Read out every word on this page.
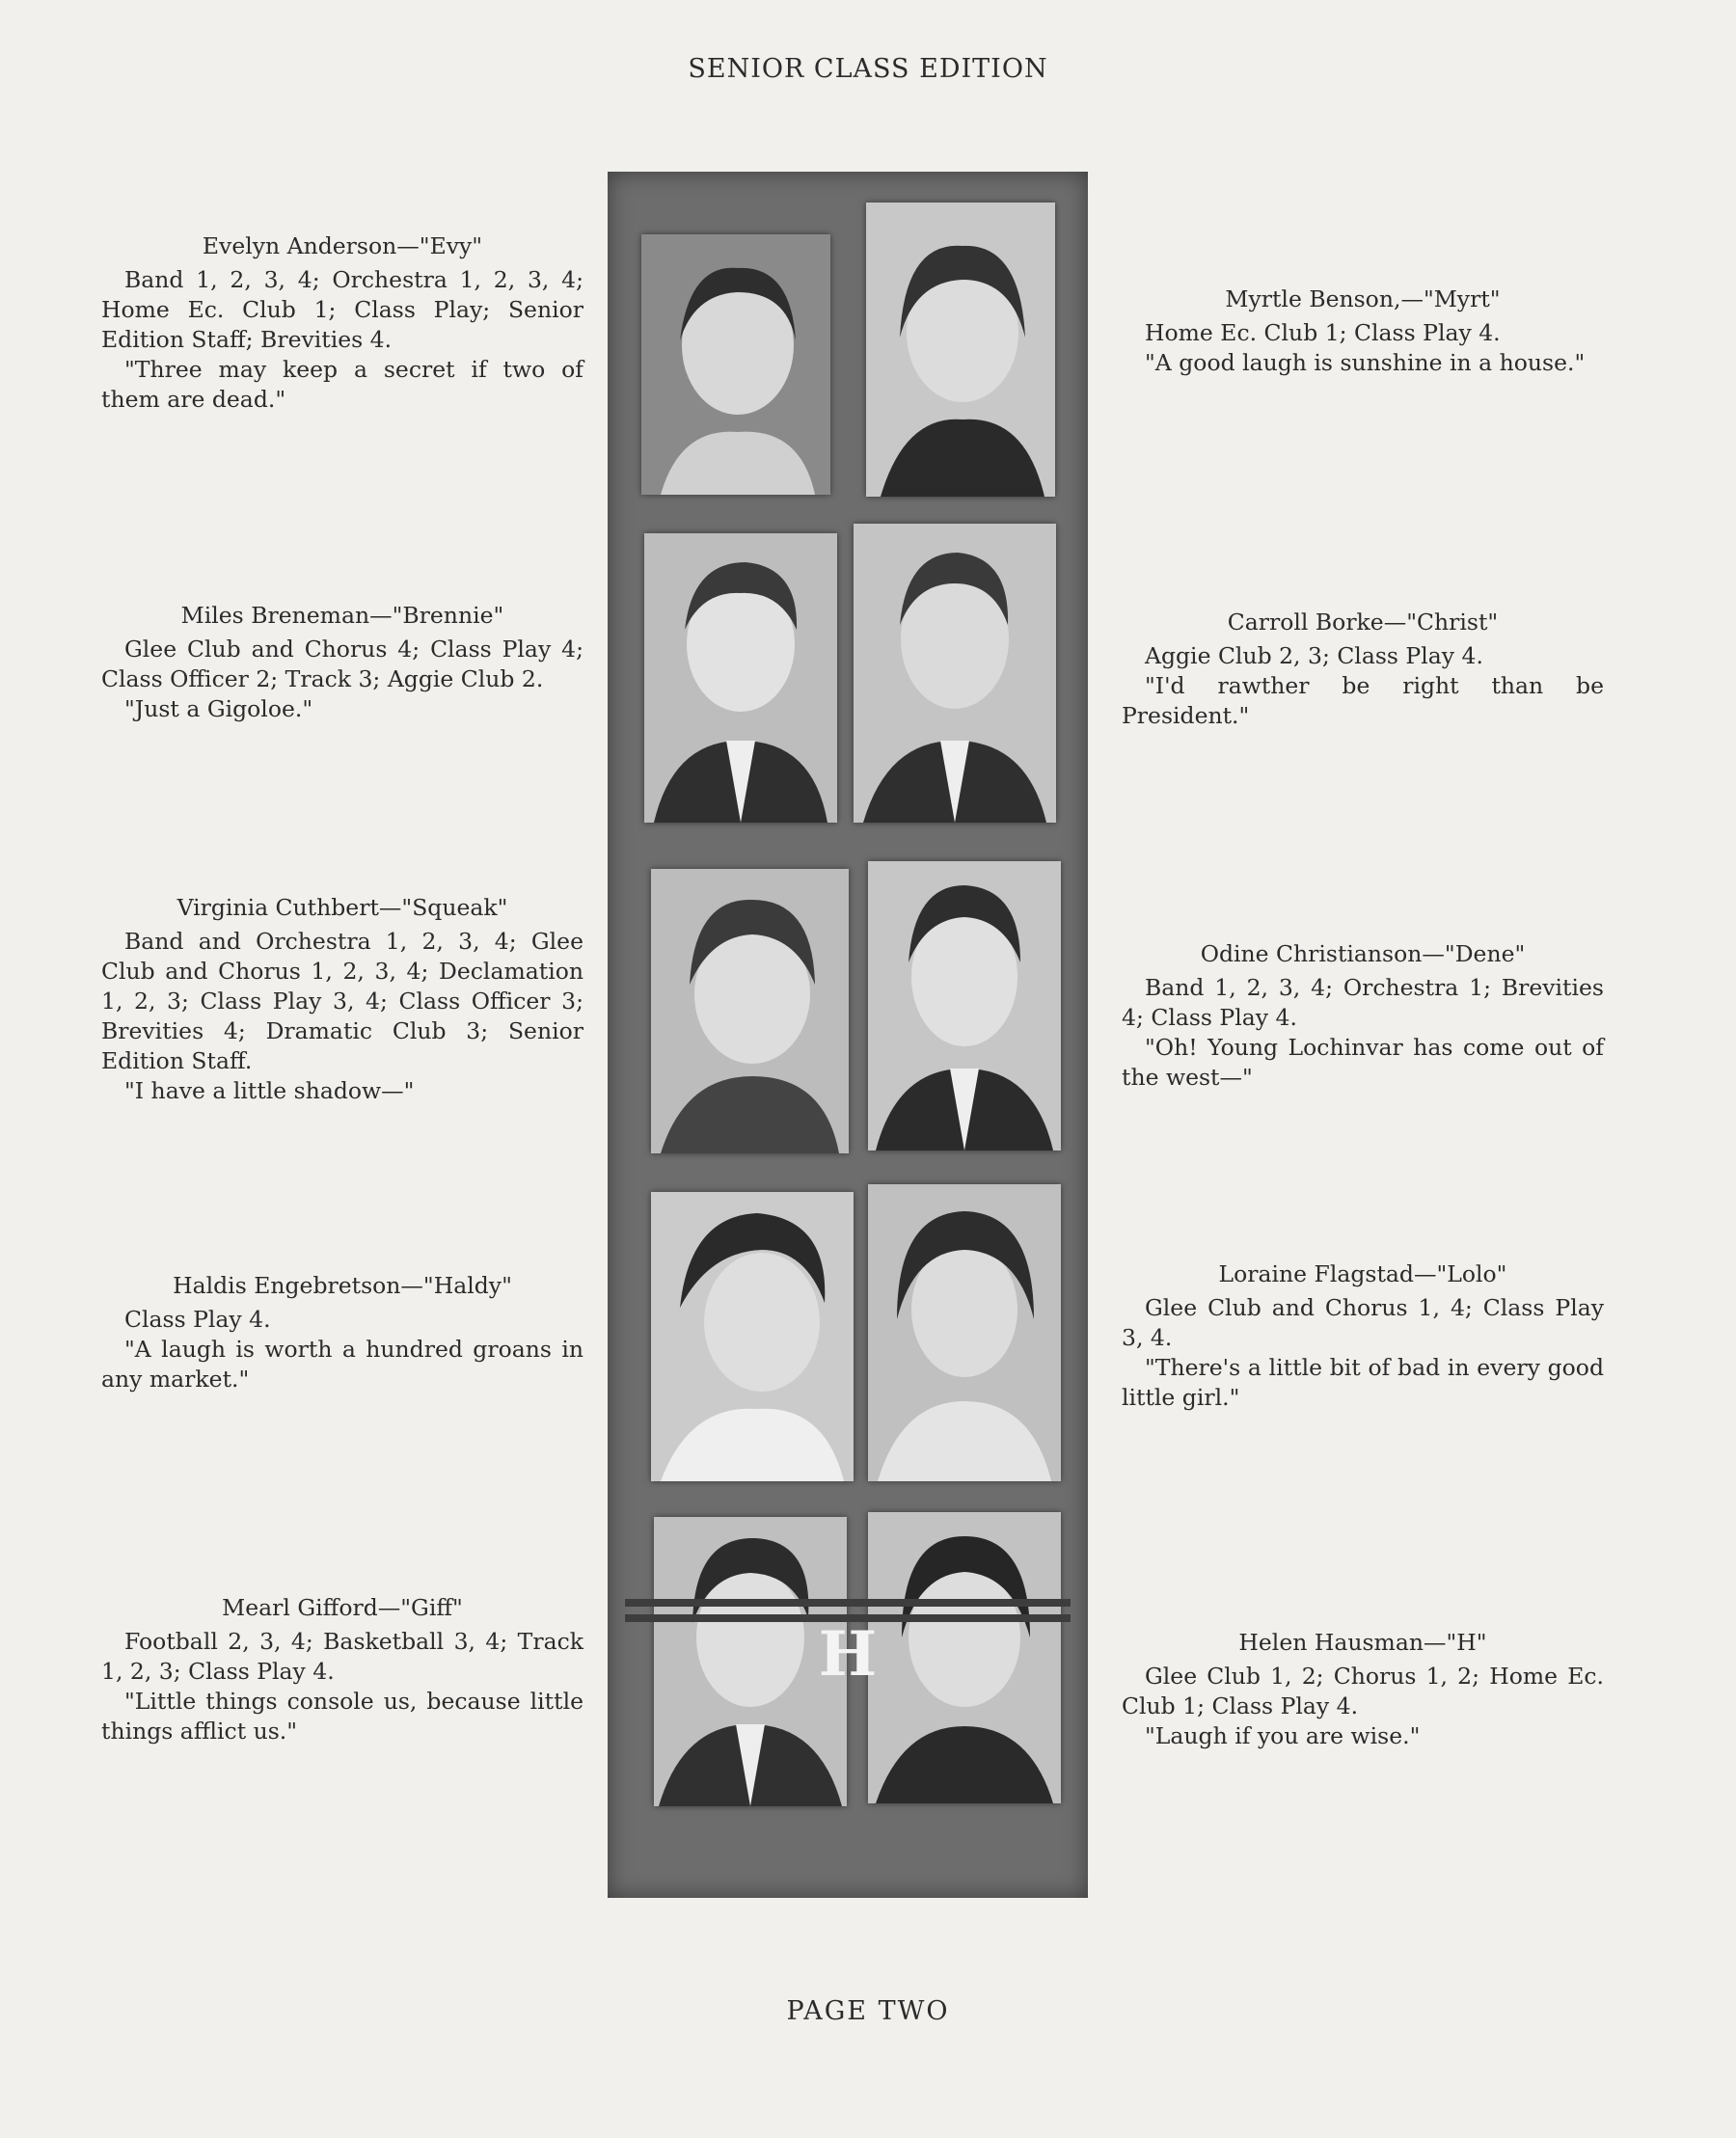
SENIOR CLASS EDITION
Evelyn Anderson—"Evy"
Band 1, 2, 3, 4; Orchestra 1, 2, 3, 4; Home Ec. Club 1; Class Play; Senior Edition Staff; Brevities 4.
"Three may keep a secret if two of them are dead."
Miles Breneman—"Brennie"
Glee Club and Chorus 4; Class Play 4; Class Officer 2; Track 3; Aggie Club 2.
"Just a Gigoloe."
Virginia Cuthbert—"Squeak"
Band and Orchestra 1, 2, 3, 4; Glee Club and Chorus 1, 2, 3, 4; Declamation 1, 2, 3; Class Play 3, 4; Class Officer 3; Brevities 4; Dramatic Club 3; Senior Edition Staff.
"I have a little shadow—"
Haldis Engebretson—"Haldy"
Class Play 4.
"A laugh is worth a hundred groans in any market."
Mearl Gifford—"Giff"
Football 2, 3, 4; Basketball 3, 4; Track 1, 2, 3; Class Play 4.
"Little things console us, because little things afflict us."
Myrtle Benson,—"Myrt"
Home Ec. Club 1; Class Play 4.
"A good laugh is sunshine in a house."
Carroll Borke—"Christ"
Aggie Club 2, 3; Class Play 4.
"I'd rawther be right than be President."
Odine Christianson—"Dene"
Band 1, 2, 3, 4; Orchestra 1; Brevities 4; Class Play 4.
"Oh! Young Lochinvar has come out of the west—"
Loraine Flagstad—"Lolo"
Glee Club and Chorus 1, 4; Class Play 3, 4.
"There's a little bit of bad in every good little girl."
Helen Hausman—"H"
Glee Club 1, 2; Chorus 1, 2; Home Ec. Club 1; Class Play 4.
"Laugh if you are wise."
H
PAGE TWO
